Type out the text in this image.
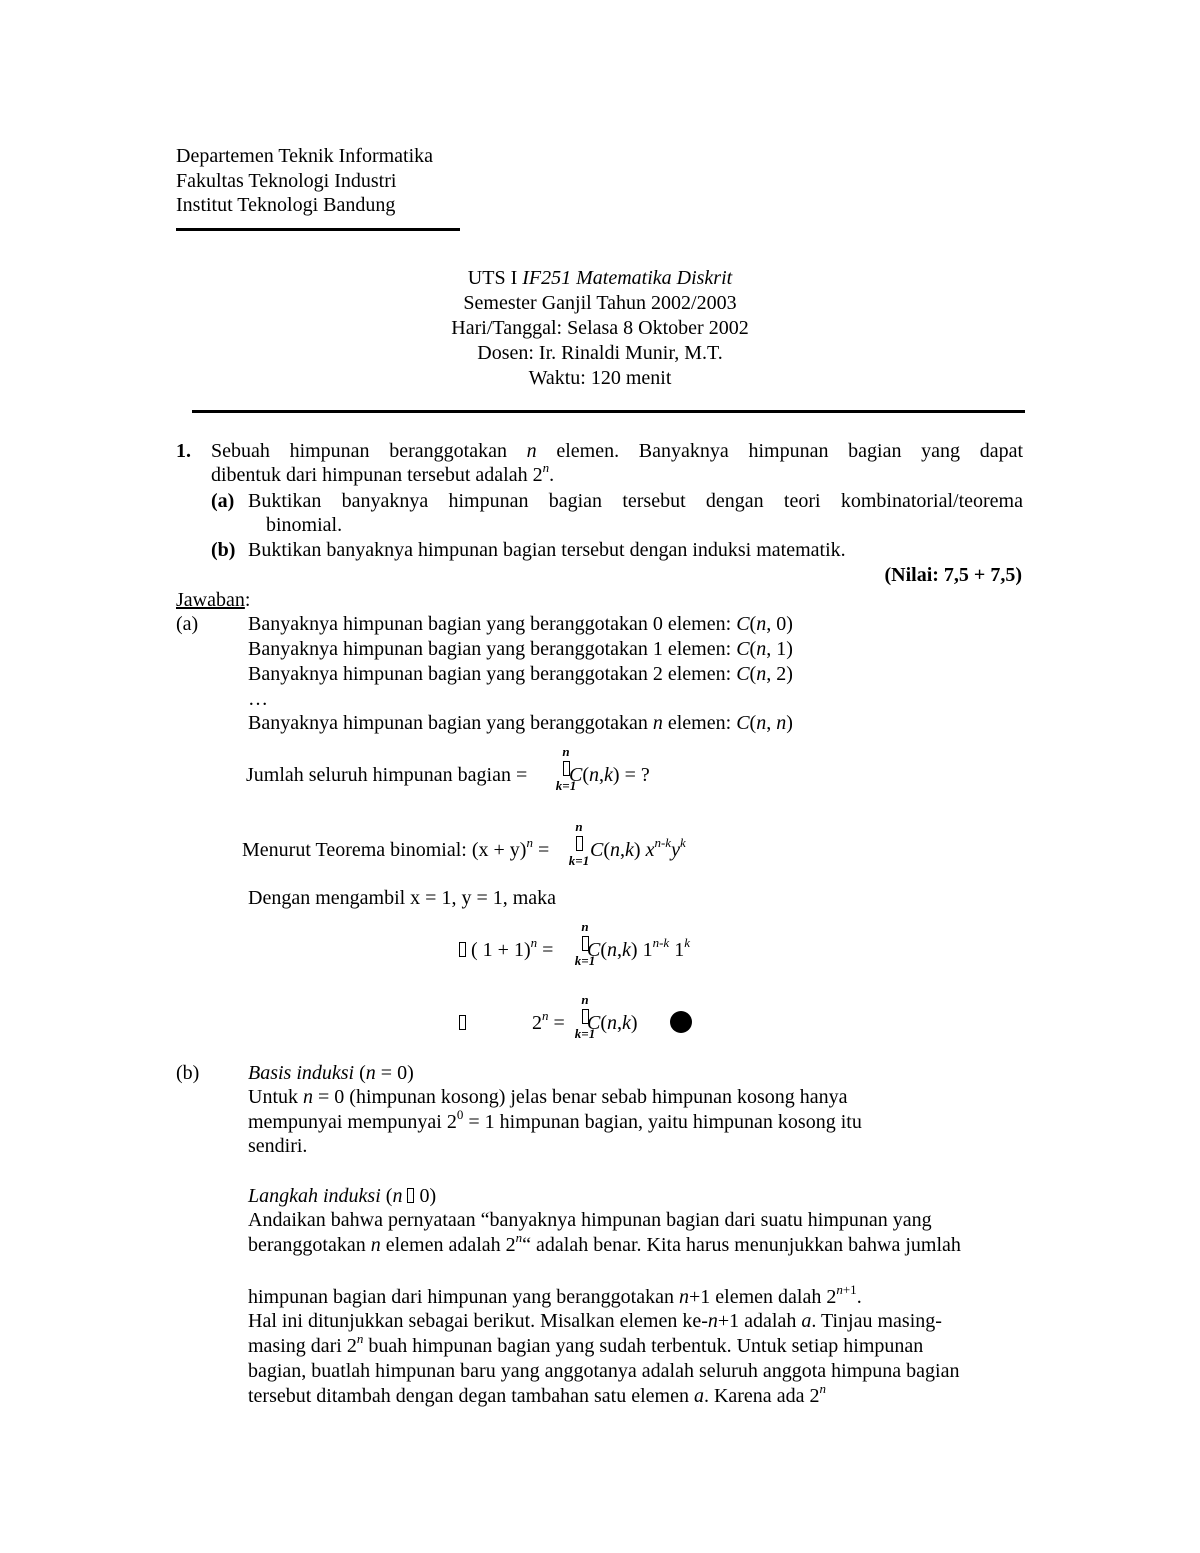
Departemen Teknik Informatika
Fakultas Teknologi Industri
Institut Teknologi Bandung
UTS I IF251 Matematika Diskrit
Semester Ganjil Tahun 2002/2003
Hari/Tanggal: Selasa 8 Oktober 2002
Dosen: Ir. Rinaldi Munir, M.T.
Waktu: 120 menit
1. Sebuah himpunan beranggotakan n elemen. Banyaknya himpunan bagian yang dapat
dibentuk dari himpunan tersebut adalah 2$^n$.
(a) Buktikan banyaknya himpunan bagian tersebut dengan teori kombinatorial/teorema
binomial.
(b) Buktikan banyaknya himpunan bagian tersebut dengan induksi matematik.
(Nilai: 7,5 + 7,5)
Jawaban:
(a) Banyaknya himpunan bagian yang beranggotakan 0 elemen: C(n, 0)
Banyaknya himpunan bagian yang beranggotakan 1 elemen: C(n, 1)
Banyaknya himpunan bagian yang beranggotakan 2 elemen: C(n, 2)
…
Banyaknya himpunan bagian yang beranggotakan n elemen: C(n, n)
Jumlah seluruh himpunan bagian =
n
k=1
C(n,k) = ?
Menurut Teorema binomial: $(x + y)^n$ =
n
k=1 C(n,k) $x^{n-k}y^k$
Dengan mengambil x = 1, y = 1, maka
( 1 + 1)$^n$ =
n
k=1
C(n,k) 1$^{n-k}$ 1$^k$
$2^n$ =
n
k=1
C(n,k)
(b) Basis induksi (n = 0)
Untuk n = 0 (himpunan kosong) jelas benar sebab himpunan kosong hanya
mempunyai mempunyai $2^0 = 1$ himpunan bagian, yaitu himpunan kosong itu
sendiri.
Langkah induksi (n  0)
Andaikan bahwa pernyataan “banyaknya himpunan bagian dari suatu himpunan yang
beranggotakan n elemen adalah 2$^n$“ adalah benar. Kita harus menunjukkan bahwa jumlah
himpunan bagian dari himpunan yang beranggotakan n+1 elemen dalah $2^{n+1}$.
Hal ini ditunjukkan sebagai berikut. Misalkan elemen ke-n+1 adalah a. Tinjau masing-
masing dari 2$^n$ buah himpunan bagian yang sudah terbentuk. Untuk setiap himpunan
bagian, buatlah himpunan baru yang anggotanya adalah seluruh anggota himpuna bagian
tersebut ditambah dengan degan tambahan satu elemen a. Karena ada 2$^n$
